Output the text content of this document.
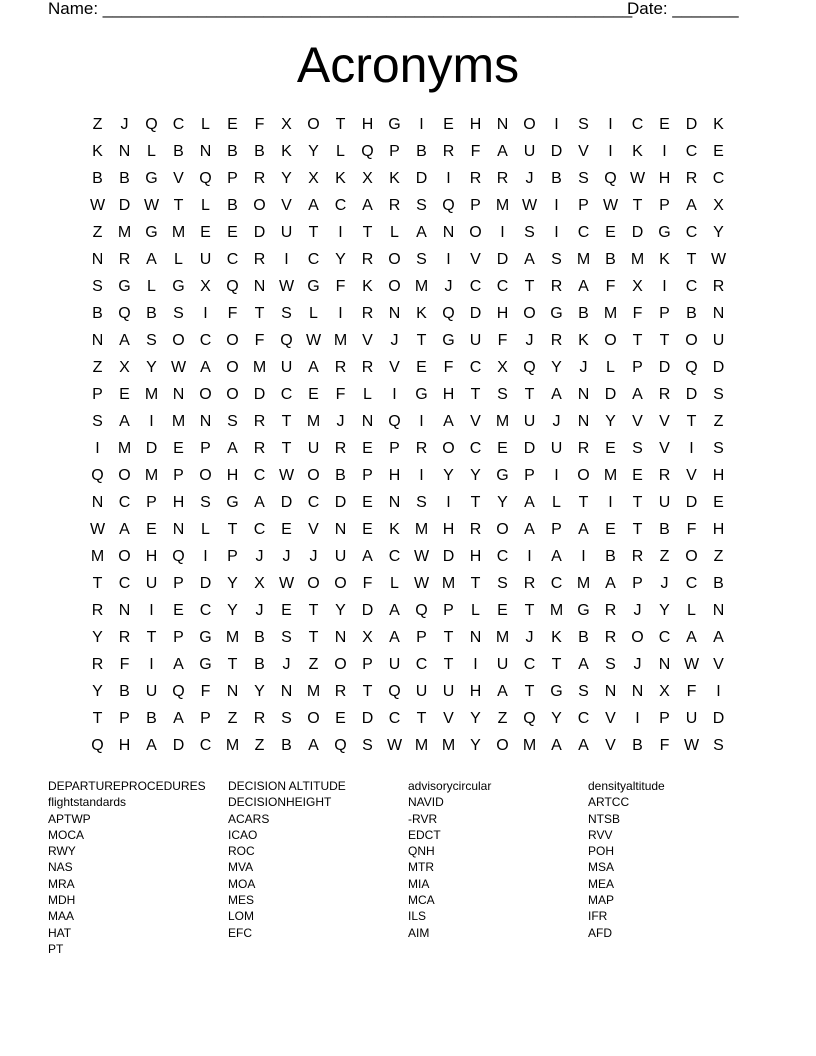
Name: ________________________________________________________
Date: _______
Acronyms
Z	J	Q C	L	E	F	X O T	H G	I	E H N O	I	S	I	C E D K
K N	L	B N B	B	K	Y	L	Q P	B R	F	A U D V	I	K	I	C E
B	B G V Q P R Y	X	K	X	K D	I	R R	J	B	S Q W H R C
W D W T	L	B O V	A C A R S Q P M W	I	P W T	P	A	X
Z M G M E	E D U	T	I	T	L	A N O	I	S	I	C E D G C Y
N R A	L	U C R	I	C Y R O S	I	V D A	S M B M K	T W
S G	L	G X Q N W G F	K O M	J	C C	T	R A	F	X	I	C R
B Q B	S	I	F	T	S	L	I	R N K Q D H O G B M F	P	B N
N A	S O C O F Q W M V	J	T G U	F	J	R K O T	T O U
Z	X	Y W A O M U A R R V	E	F	C X Q Y	J	L	P D Q D
P	E M N O O D C E	F	L	I	G H	T	S	T	A N D A R D S
S	A	I	M N S R	T M	J	N Q	I	A	V M U	J	N Y	V	V	T	Z
I	M D E	P	A R	T	U R E	P R O C E D U R E	S	V	I	S
Q O M P O H C W O B	P H	I	Y	Y G P	I	O M E R V H
N C P H S G A D C D E N S	I	T	Y	A	L	T	I	T	U D E
W A	E N	L	T	C E	V N E	K M H R O A	P	A	E	T	B	F	H
M O H Q	I	P	J	J	J	U A C W D H C	I	A	I	B R	Z O Z
T	C U P D Y	X W O O F	L W M T	S R C M A	P	J	C B
R N	I	E C Y	J	E	T	Y D A Q P	L	E	T M G R	J	Y	L	N
Y R	T	P G M B	S	T	N X	A	P	T	N M	J	K	B R O C A	A
R	F	I	A G T	B	J	Z O P U C	T	I	U C	T	A	S	J	N W V
Y	B U Q F	N Y N M R	T Q U U H A	T G S N N X	F	I
T	P	B	A	P	Z	R S O E D C	T	V	Y	Z Q Y C V	I	P U D
Q H A D C M Z	B	A Q S W M M Y O M A	A	V	B	F W S
DEPARTUREPROCEDURES
flightstandards
APTWP
MOCA
RWY
NAS
MRA
MDH
MAA
HAT
PT
DECISION ALTITUDE
DECISIONHEIGHT
ACARS
ICAO
ROC
MVA
MOA
MES
LOM
EFC
advisorycircular
NAVID
-RVR
EDCT
QNH
MTR
MIA
MCA
ILS
AIM
densityaltitude
ARTCC
NTSB
RVV
POH
MSA
MEA
MAP
IFR
AFD
